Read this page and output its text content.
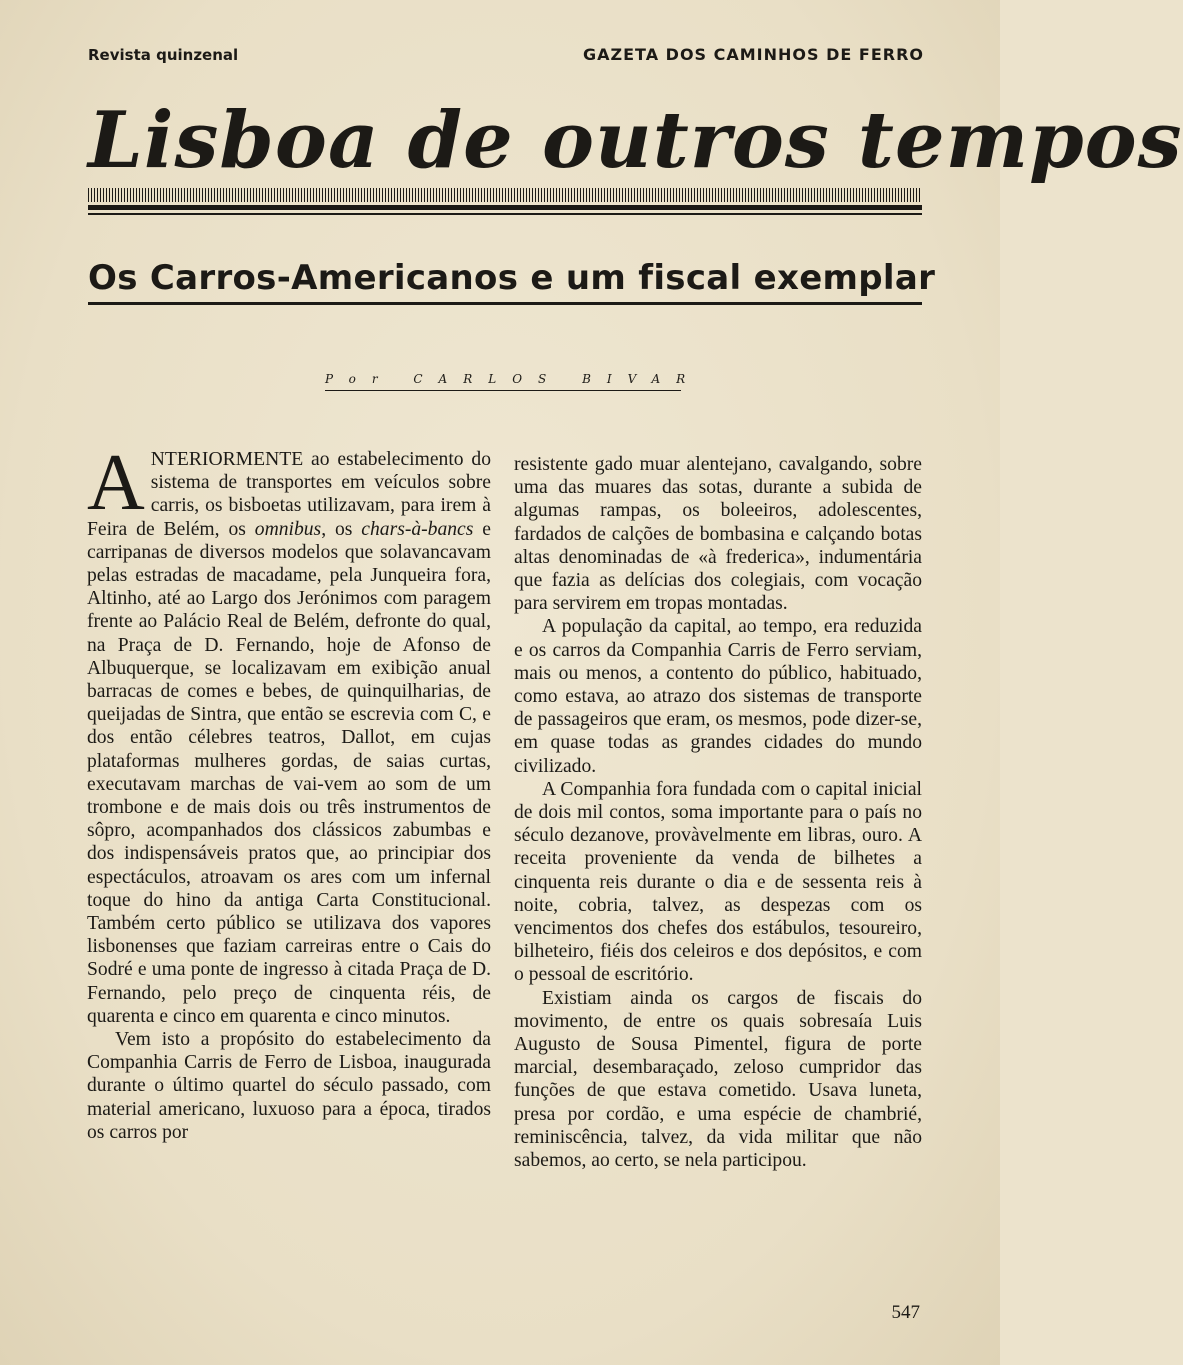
Revista quinzenal	GAZETA DOS CAMINHOS DE FERRO
Lisboa de outros tempos
Os Carros-Americanos e um fiscal exemplar
Por CARLOS BIVAR

ANTERIORMENTE ao estabelecimento do sistema de transportes em veículos sobre carris, os bisboetas utilizavam, para irem à Feira de Belém, os omnibus, os chars-à-bancs e carripanas de diversos modelos que solavancavam pelas estradas de macadame, pela Junqueira fora, Altinho, até ao Largo dos Jerónimos com paragem frente ao Palácio Real de Belém, defronte do qual, na Praça de D. Fernando, hoje de Afonso de Albuquerque, se localizavam em exibição anual barracas de comes e bebes, de quinquilharias, de queijadas de Sintra, que então se escrevia com C, e dos então célebres teatros, Dallot, em cujas plataformas mulheres gordas, de saias curtas, executavam marchas de vai-vem ao som de um trombone e de mais dois ou três instrumentos de sôpro, acompanhados dos clássicos zabumbas e dos indispensáveis pratos que, ao principiar dos espectáculos, atroavam os ares com um infernal toque do hino da antiga Carta Constitucional. Também certo público se utilizava dos vapores lisbonenses que faziam carreiras entre o Cais do Sodré e uma ponte de ingresso à citada Praça de D. Fernando, pelo preço de cinquenta réis, de quarenta e cinco em quarenta e cinco minutos.

Vem isto a propósito do estabelecimento da Companhia Carris de Ferro de Lisboa, inaugurada durante o último quartel do século passado, com material americano, luxuoso para a época, tirados os carros por

resistente gado muar alentejano, cavalgando, sobre uma das muares das sotas, durante a subida de algumas rampas, os boleeiros, adolescentes, fardados de calções de bombasina e calçando botas altas denominadas de «à frederica», indumentária que fazia as delícias dos colegiais, com vocação para servirem em tropas montadas.

A população da capital, ao tempo, era reduzida e os carros da Companhia Carris de Ferro serviam, mais ou menos, a contento do público, habituado, como estava, ao atrazo dos sistemas de transporte de passageiros que eram, os mesmos, pode dizer-se, em quase todas as grandes cidades do mundo civilizado.

A Companhia fora fundada com o capital inicial de dois mil contos, soma importante para o país no século dezanove, provàvelmente em libras, ouro. A receita proveniente da venda de bilhetes a cinquenta reis durante o dia e de sessenta reis à noite, cobria, talvez, as despezas com os vencimentos dos chefes dos estábulos, tesoureiro, bilheteiro, fiéis dos celeiros e dos depósitos, e com o pessoal de escritório.

Existiam ainda os cargos de fiscais do movimento, de entre os quais sobresaía Luis Augusto de Sousa Pimentel, figura de porte marcial, desembaraçado, zeloso cumpridor das funções de que estava cometido. Usava luneta, presa por cordão, e uma espécie de chambrié, reminiscência, talvez, da vida militar que não sabemos, ao certo, se nela participou.

547
